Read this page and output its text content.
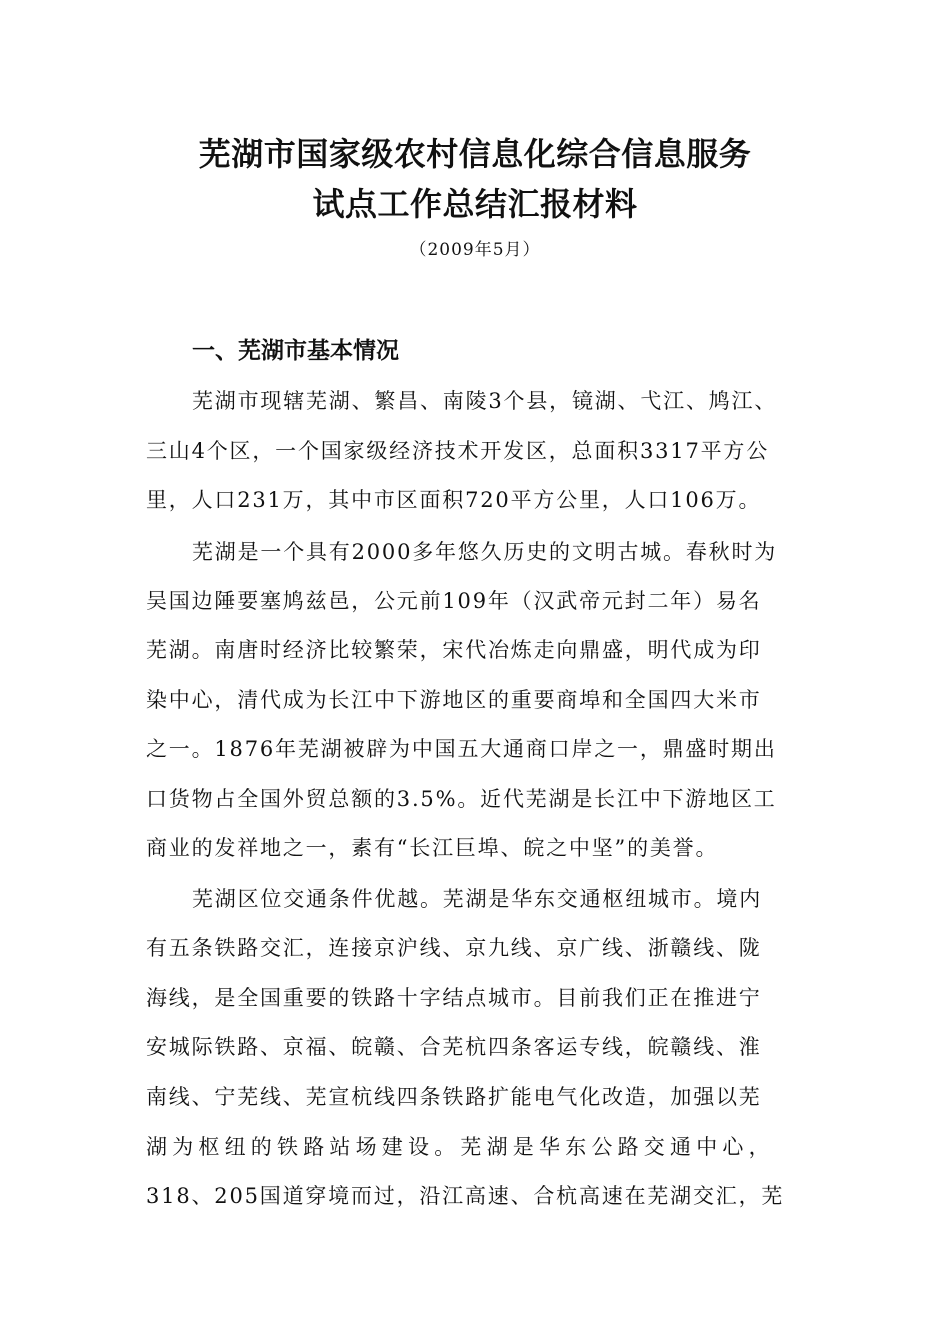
芜湖市国家级农村信息化综合信息服务
试点工作总结汇报材料
（2009年5月）
一、芜湖市基本情况
芜湖市现辖芜湖、繁昌、南陵3个县，镜湖、弋江、鸠江、
三山4个区，一个国家级经济技术开发区，总面积3317平方公
里，人口231万，其中市区面积720平方公里，人口106万。
芜湖是一个具有2000多年悠久历史的文明古城。春秋时为
吴国边陲要塞鸠兹邑，公元前109年（汉武帝元封二年）易名
芜湖。南唐时经济比较繁荣，宋代冶炼走向鼎盛，明代成为印
染中心，清代成为长江中下游地区的重要商埠和全国四大米市
之一。1876年芜湖被辟为中国五大通商口岸之一，鼎盛时期出
口货物占全国外贸总额的3.5%。近代芜湖是长江中下游地区工
商业的发祥地之一，素有“长江巨埠、皖之中坚”的美誉。
芜湖区位交通条件优越。芜湖是华东交通枢纽城市。境内
有五条铁路交汇，连接京沪线、京九线、京广线、浙赣线、陇
海线，是全国重要的铁路十字结点城市。目前我们正在推进宁
安城际铁路、京福、皖赣、合芜杭四条客运专线，皖赣线、淮
南线、宁芜线、芜宣杭线四条铁路扩能电气化改造，加强以芜
湖为枢纽的铁路站场建设。芜湖是华东公路交通中心，
318、205国道穿境而过，沿江高速、合杭高速在芜湖交汇，芜
